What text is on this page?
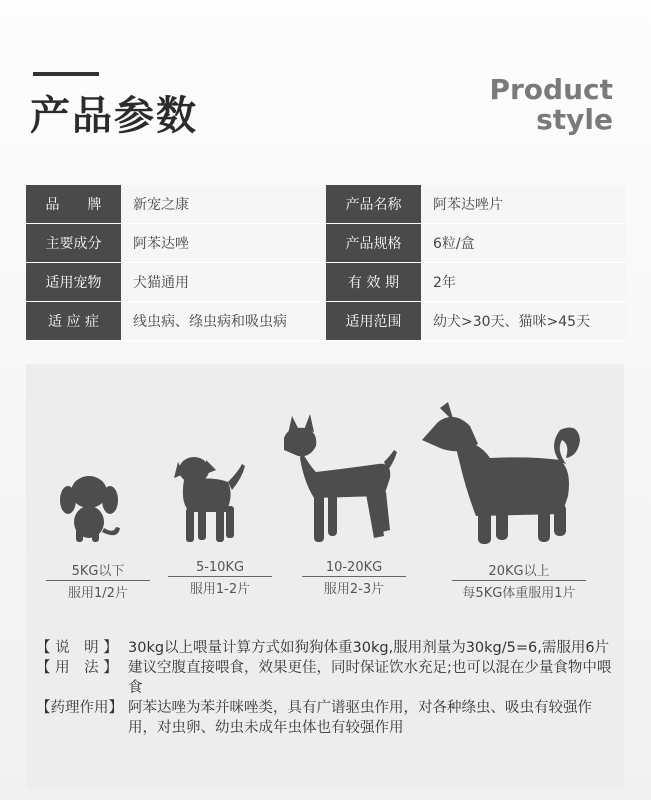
产品参数
Product
style
品　　牌	新宠之康	产品名称	阿苯达唑片
主要成分	阿苯达唑	产品规格	6粒/盒
适用宠物	犬猫通用	有 效 期	2年
适 应 症	线虫病、绦虫病和吸虫病	适用范围	幼犬>30天、猫咪>45天
5KG以下
服用1/2片
5-10KG
服用1-2片
10-20KG
服用2-3片
20KG以上
每5KG体重服用1片
【 说　明 】 30kg以上喂量计算方式如狗狗体重30kg,服用剂量为30kg/5=6,需服用6片
【 用　法 】 建议空腹直接喂食，效果更佳，同时保证饮水充足;也可以混在少量食物中喂食
【药理作用】 阿苯达唑为苯并咪唑类，具有广谱驱虫作用，对各种绦虫、吸虫有较强作用，对虫卵、幼虫未成年虫体也有较强作用
